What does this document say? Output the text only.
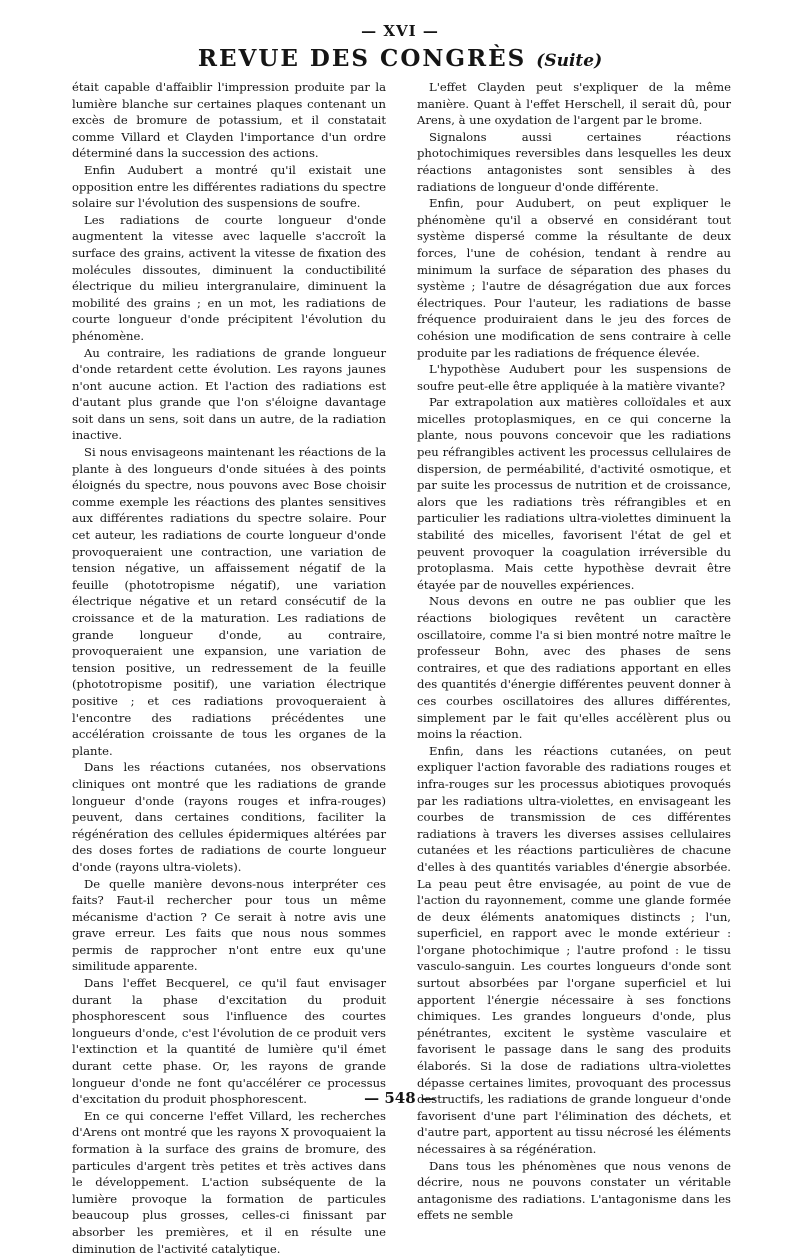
— XVI —
REVUE DES CONGRÈS (Suite)

était capable d'affaiblir l'impression produite par la lumière blanche sur certaines plaques contenant un excès de bromure de potassium, et il constatait comme Villard et Clayden l'importance d'un ordre déterminé dans la succession des actions.

Enfin Audubert a montré qu'il existait une opposition entre les différentes radiations du spectre solaire sur l'évolution des suspensions de soufre.

Les radiations de courte longueur d'onde augmentent la vitesse avec laquelle s'accroît la surface des grains, activent la vitesse de fixation des molécules dissoutes, diminuent la conductibilité électrique du milieu intergranulaire, diminuent la mobilité des grains ; en un mot, les radiations de courte longueur d'onde précipitent l'évolution du phénomène.

Au contraire, les radiations de grande longueur d'onde retardent cette évolution. Les rayons jaunes n'ont aucune action. Et l'action des radiations est d'autant plus grande que l'on s'éloigne davantage soit dans un sens, soit dans un autre, de la radiation inactive.

Si nous envisageons maintenant les réactions de la plante à des longueurs d'onde situées à des points éloignés du spectre, nous pouvons avec Bose choisir comme exemple les réactions des plantes sensitives aux différentes radiations du spectre solaire. Pour cet auteur, les radiations de courte longueur d'onde provoqueraient une contraction, une variation de tension négative, un affaissement négatif de la feuille (phototropisme négatif), une variation électrique négative et un retard consécutif de la croissance et de la maturation. Les radiations de grande longueur d'onde, au contraire, provoqueraient une expansion, une variation de tension positive, un redressement de la feuille (phototropisme positif), une variation électrique positive ; et ces radiations provoqueraient à l'encontre des radiations précédentes une accélération croissante de tous les organes de la plante.

Dans les réactions cutanées, nos observations cliniques ont montré que les radiations de grande longueur d'onde (rayons rouges et infra-rouges) peuvent, dans certaines conditions, faciliter la régénération des cellules épidermiques altérées par des doses fortes de radiations de courte longueur d'onde (rayons ultra-violets).

De quelle manière devons-nous interpréter ces faits? Faut-il rechercher pour tous un même mécanisme d'action ? Ce serait à notre avis une grave erreur. Les faits que nous nous sommes permis de rapprocher n'ont entre eux qu'une similitude apparente.

Dans l'effet Becquerel, ce qu'il faut envisager durant la phase d'excitation du produit phosphorescent sous l'influence des courtes longueurs d'onde, c'est l'évolution de ce produit vers l'extinction et la quantité de lumière qu'il émet durant cette phase. Or, les rayons de grande longueur d'onde ne font qu'accélérer ce processus d'excitation du produit phosphorescent.

En ce qui concerne l'effet Villard, les recherches d'Arens ont montré que les rayons X provoquaient la formation à la surface des grains de bromure, des particules d'argent très petites et très actives dans le développement. L'action subséquente de la lumière provoque la formation de particules beaucoup plus grosses, celles-ci finissant par absorber les premières, et il en résulte une diminution de l'activité catalytique.

L'effet Clayden peut s'expliquer de la même manière. Quant à l'effet Herschell, il serait dû, pour Arens, à une oxydation de l'argent par le brome.

Signalons aussi certaines réactions photochimiques reversibles dans lesquelles les deux réactions antagonistes sont sensibles à des radiations de longueur d'onde différente.

Enfin, pour Audubert, on peut expliquer le phénomène qu'il a observé en considérant tout système dispersé comme la résultante de deux forces, l'une de cohésion, tendant à rendre au minimum la surface de séparation des phases du système ; l'autre de désagrégation due aux forces électriques. Pour l'auteur, les radiations de basse fréquence produiraient dans le jeu des forces de cohésion une modification de sens contraire à celle produite par les radiations de fréquence élevée.

L'hypothèse Audubert pour les suspensions de soufre peut-elle être appliquée à la matière vivante?

Par extrapolation aux matières colloïdales et aux micelles protoplasmiques, en ce qui concerne la plante, nous pouvons concevoir que les radiations peu réfrangibles activent les processus cellulaires de dispersion, de perméabilité, d'activité osmotique, et par suite les processus de nutrition et de croissance, alors que les radiations très réfrangibles et en particulier les radiations ultra-violettes diminuent la stabilité des micelles, favorisent l'état de gel et peuvent provoquer la coagulation irréversible du protoplasma. Mais cette hypothèse devrait être étayée par de nouvelles expériences.

Nous devons en outre ne pas oublier que les réactions biologiques revêtent un caractère oscillatoire, comme l'a si bien montré notre maître le professeur Bohn, avec des phases de sens contraires, et que des radiations apportant en elles des quantités d'énergie différentes peuvent donner à ces courbes oscillatoires des allures différentes, simplement par le fait qu'elles accélèrent plus ou moins la réaction.

Enfin, dans les réactions cutanées, on peut expliquer l'action favorable des radiations rouges et infra-rouges sur les processus abiotiques provoqués par les radiations ultra-violettes, en envisageant les courbes de transmission de ces différentes radiations à travers les diverses assises cellulaires cutanées et les réactions particulières de chacune d'elles à des quantités variables d'énergie absorbée. La peau peut être envisagée, au point de vue de l'action du rayonnement, comme une glande formée de deux éléments anatomiques distincts ; l'un, superficiel, en rapport avec le monde extérieur : l'organe photochimique ; l'autre profond : le tissu vasculo-sanguin. Les courtes longueurs d'onde sont surtout absorbées par l'organe superficiel et lui apportent l'énergie nécessaire à ses fonctions chimiques. Les grandes longueurs d'onde, plus pénétrantes, excitent le système vasculaire et favorisent le passage dans le sang des produits élaborés. Si la dose de radiations ultra-violettes dépasse certaines limites, provoquant des processus destructifs, les radiations de grande longueur d'onde favorisent d'une part l'élimination des déchets, et d'autre part, apportent au tissu nécrosé les éléments nécessaires à sa régénération.

Dans tous les phénomènes que nous venons de décrire, nous ne pouvons constater un véritable antagonisme des radiations. L'antagonisme dans les effets ne semble

— 548 —
